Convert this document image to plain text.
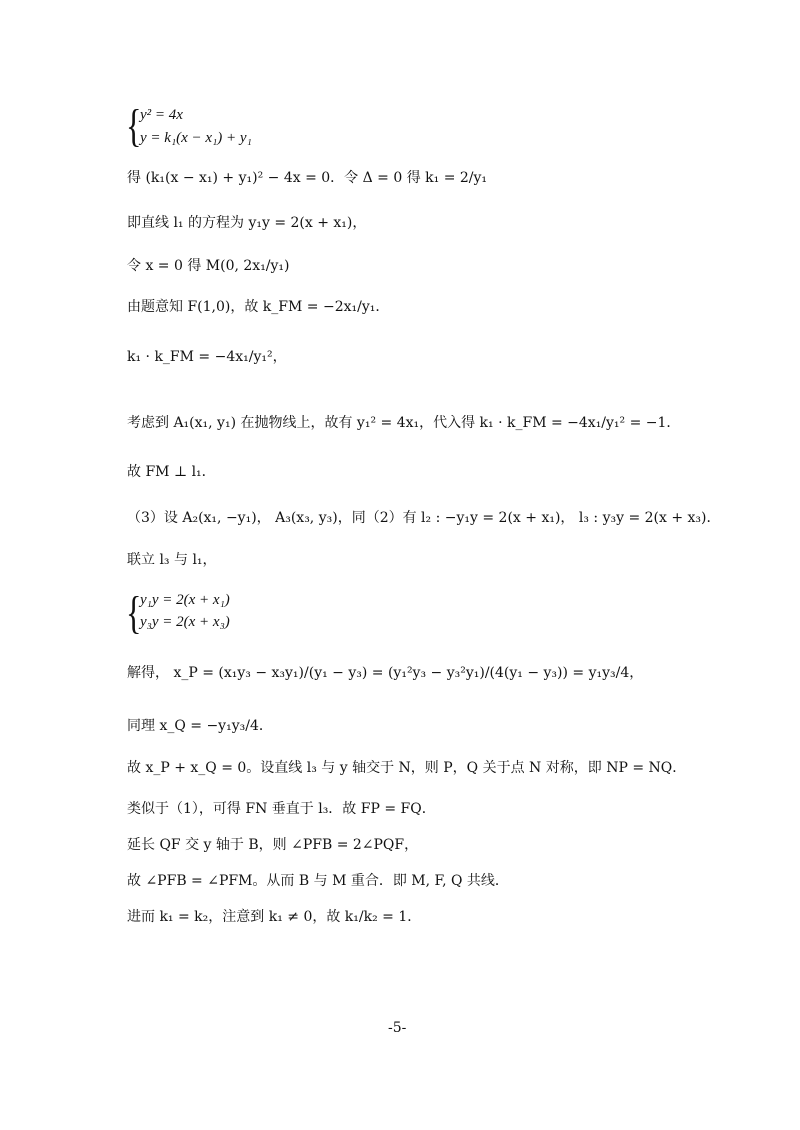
{
y² = 4x
y = k₁(x − x₁) + y₁
得 (k₁(x − x₁) + y₁)² − 4x = 0．令 Δ = 0 得 k₁ = 2/y₁
即直线 l₁ 的方程为 y₁y = 2(x + x₁)，
令 x = 0 得 M(0, 2x₁/y₁)
由题意知 F(1,0)，故 k_FM = −2x₁/y₁．
k₁ · k_FM = −4x₁/y₁²，
考虑到 A₁(x₁, y₁) 在抛物线上，故有 y₁² = 4x₁，代入得 k₁ · k_FM = −4x₁/y₁² = −1．
故 FM ⊥ l₁．
（3）设 A₂(x₁, −y₁)， A₃(x₃, y₃)，同（2）有 l₂ : −y₁y = 2(x + x₁)， l₃ : y₃y = 2(x + x₃)．
联立 l₃ 与 l₁，
{
y₁y = 2(x + x₁)
y₃y = 2(x + x₃)
解得， x_P = (x₁y₃ − x₃y₁)/(y₁ − y₃) = (y₁²y₃ − y₃²y₁)/(4(y₁ − y₃)) = y₁y₃/4，
同理 x_Q = −y₁y₃/4．
故 x_P + x_Q = 0。设直线 l₃ 与 y 轴交于 N，则 P，Q 关于点 N 对称，即 NP = NQ．
类似于（1），可得 FN 垂直于 l₃．故 FP = FQ．
延长 QF 交 y 轴于 B，则 ∠PFB = 2∠PQF，
故 ∠PFB = ∠PFM。从而 B 与 M 重合．即 M, F, Q 共线．
进而 k₁ = k₂，注意到 k₁ ≠ 0，故 k₁/k₂ = 1．
-5-
